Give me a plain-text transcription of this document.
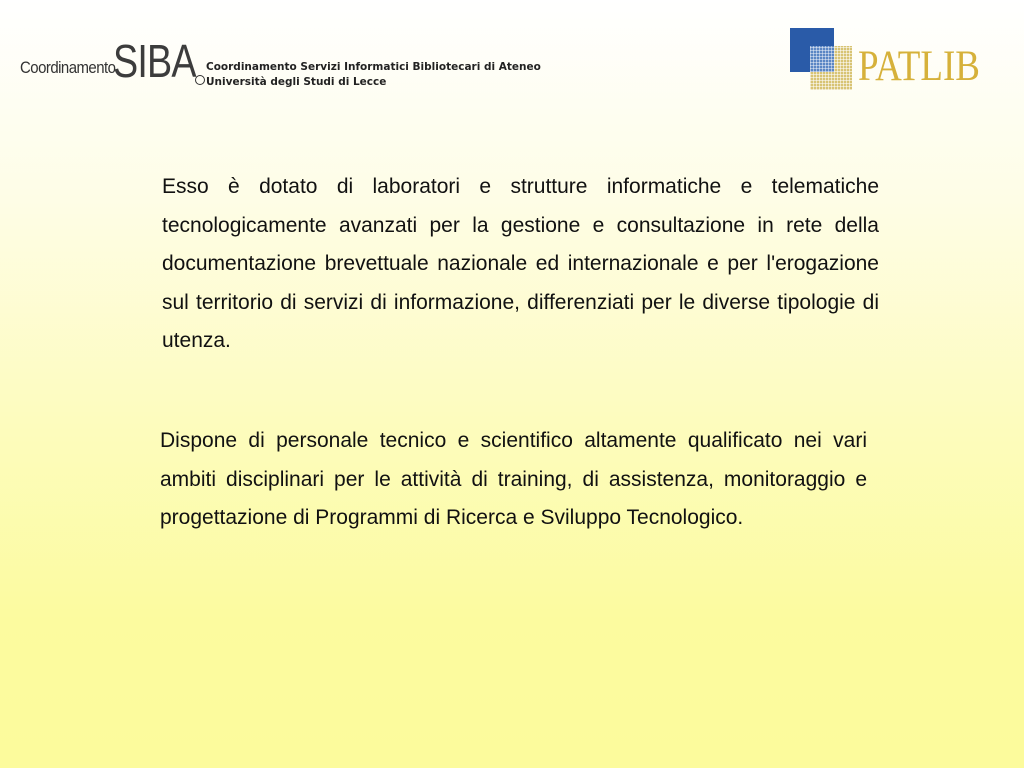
Coordinamento
SIBA Coordinamento Servizi Informatici Bibliotecari di Ateneo
Università degli Studi di Lecce	PATLIB

Esso è dotato di laboratori e strutture informatiche e telematiche tecnologicamente avanzati per la gestione e consultazione in rete della documentazione brevettuale nazionale ed internazionale e per l'erogazione sul territorio di servizi di informazione, differenziati per le diverse tipologie di utenza.

Dispone di personale tecnico e scientifico altamente qualificato nei vari ambiti disciplinari per le attività di training, di assistenza, monitoraggio e progettazione di Programmi di Ricerca e Sviluppo Tecnologico.
